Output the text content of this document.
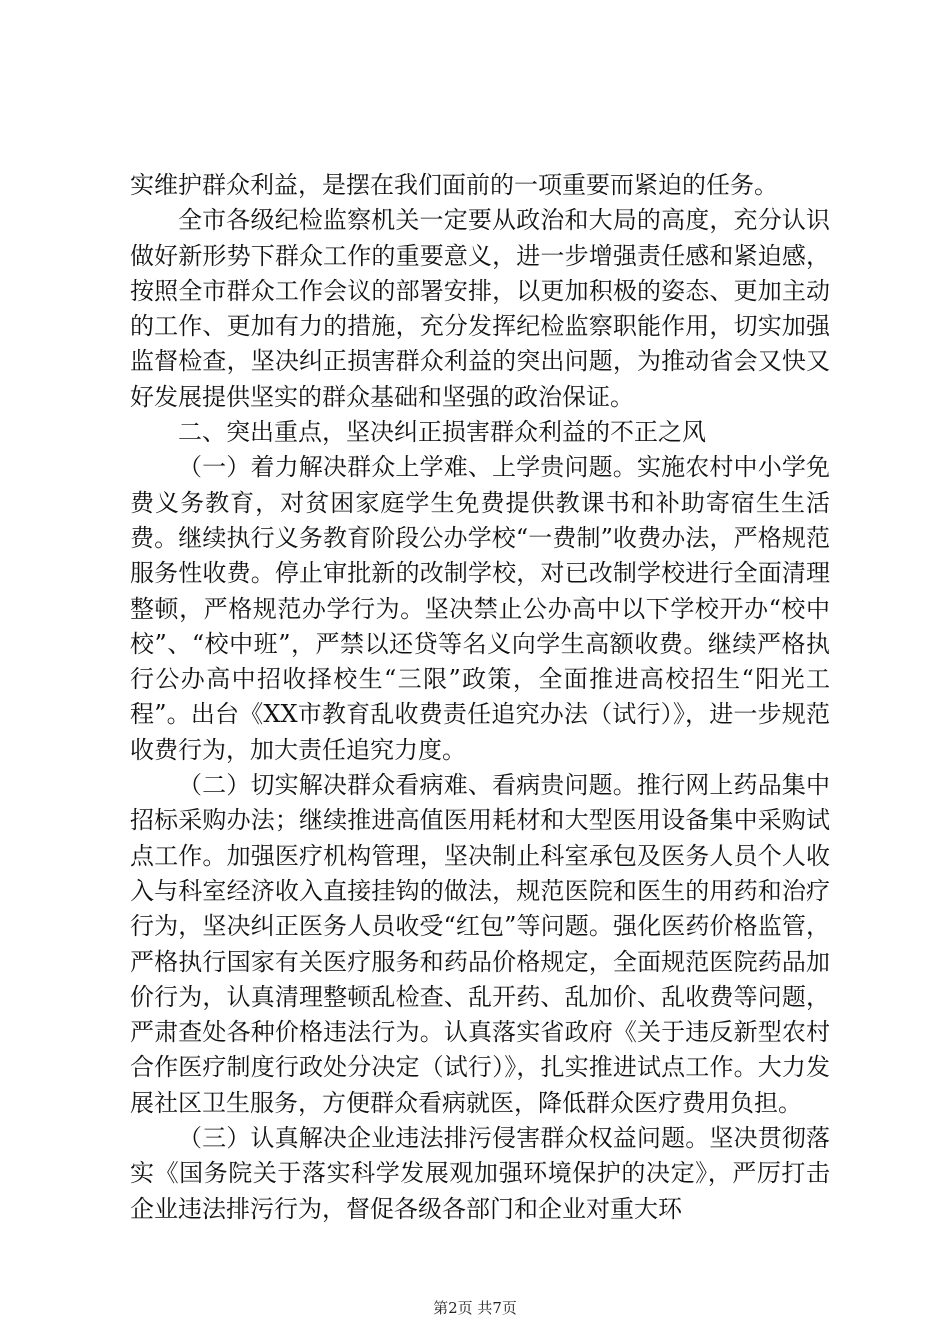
实维护群众利益，是摆在我们面前的一项重要而紧迫的任务。

全市各级纪检监察机关一定要从政治和大局的高度，充分认识做好新形势下群众工作的重要意义，进一步增强责任感和紧迫感，按照全市群众工作会议的部署安排，以更加积极的姿态、更加主动的工作、更加有力的措施，充分发挥纪检监察职能作用，切实加强监督检查，坚决纠正损害群众利益的突出问题，为推动省会又快又好发展提供坚实的群众基础和坚强的政治保证。

二、突出重点，坚决纠正损害群众利益的不正之风

（一）着力解决群众上学难、上学贵问题。实施农村中小学免费义务教育，对贫困家庭学生免费提供教课书和补助寄宿生生活费。继续执行义务教育阶段公办学校“一费制”收费办法，严格规范服务性收费。停止审批新的改制学校，对已改制学校进行全面清理整顿，严格规范办学行为。坚决禁止公办高中以下学校开办“校中校”、“校中班”，严禁以还贷等名义向学生高额收费。继续严格执行公办高中招收择校生“三限”政策，全面推进高校招生“阳光工程”。出台《XX市教育乱收费责任追究办法（试行）》，进一步规范收费行为，加大责任追究力度。

（二）切实解决群众看病难、看病贵问题。推行网上药品集中招标采购办法；继续推进高值医用耗材和大型医用设备集中采购试点工作。加强医疗机构管理，坚决制止科室承包及医务人员个人收入与科室经济收入直接挂钩的做法，规范医院和医生的用药和治疗行为，坚决纠正医务人员收受“红包”等问题。强化医药价格监管，严格执行国家有关医疗服务和药品价格规定，全面规范医院药品加价行为，认真清理整顿乱检查、乱开药、乱加价、乱收费等问题，严肃查处各种价格违法行为。认真落实省政府《关于违反新型农村合作医疗制度行政处分决定（试行）》，扎实推进试点工作。大力发展社区卫生服务，方便群众看病就医，降低群众医疗费用负担。

（三）认真解决企业违法排污侵害群众权益问题。坚决贯彻落实《国务院关于落实科学发展观加强环境保护的决定》，严厉打击企业违法排污行为，督促各级各部门和企业对重大环

第2页 共7页
